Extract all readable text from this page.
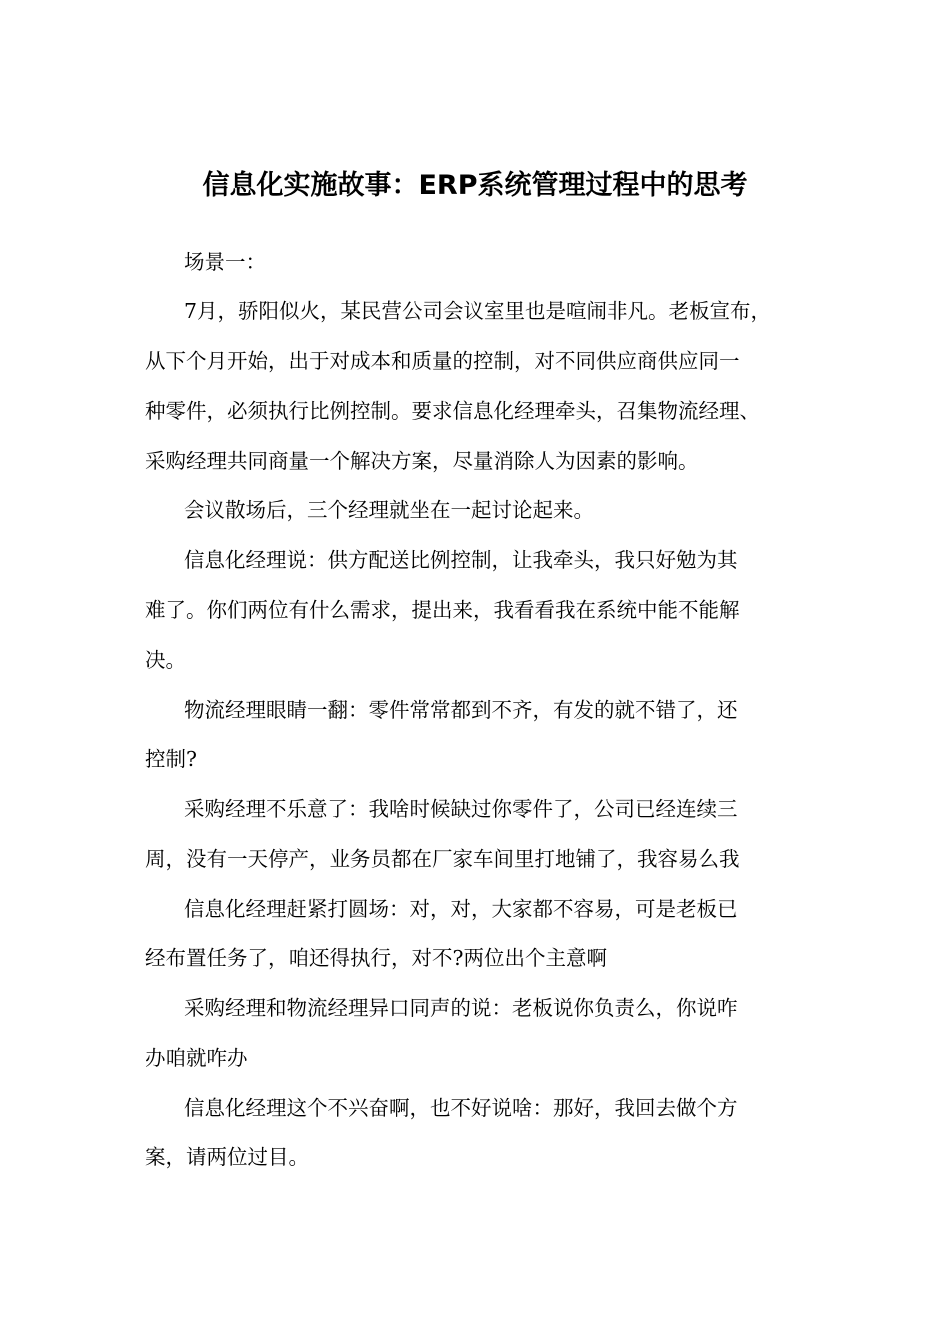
信息化实施故事：ERP系统管理过程中的思考

场景一：

7月，骄阳似火，某民营公司会议室里也是喧闹非凡。老板宣布，

从下个月开始，出于对成本和质量的控制，对不同供应商供应同一

种零件，必须执行比例控制。要求信息化经理牵头，召集物流经理、

采购经理共同商量一个解决方案，尽量消除人为因素的影响。

会议散场后，三个经理就坐在一起讨论起来。

信息化经理说：供方配送比例控制，让我牵头，我只好勉为其

难了。你们两位有什么需求，提出来，我看看我在系统中能不能解

决。

物流经理眼睛一翻：零件常常都到不齐，有发的就不错了，还

控制?

采购经理不乐意了：我啥时候缺过你零件了，公司已经连续三

周，没有一天停产，业务员都在厂家车间里打地铺了，我容易么我

信息化经理赶紧打圆场：对，对，大家都不容易，可是老板已

经布置任务了，咱还得执行，对不?两位出个主意啊

采购经理和物流经理异口同声的说：老板说你负责么，你说咋

办咱就咋办

信息化经理这个不兴奋啊，也不好说啥：那好，我回去做个方

案，请两位过目。
